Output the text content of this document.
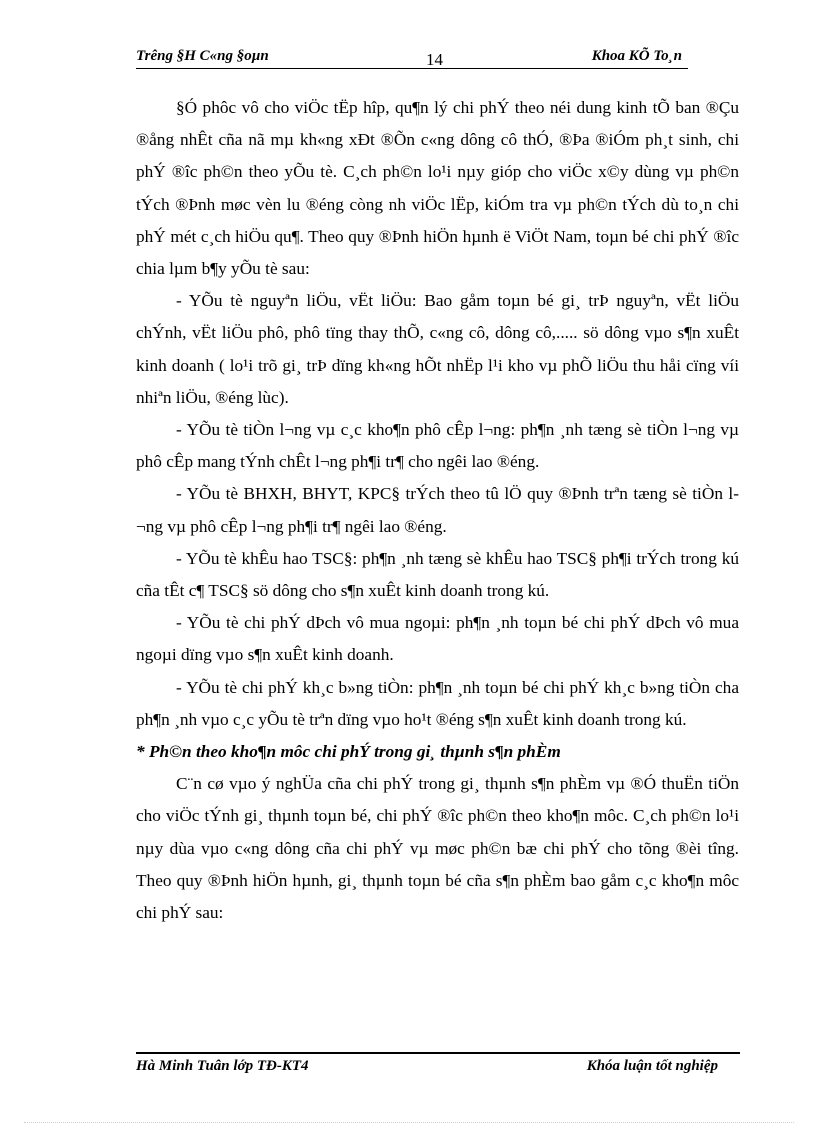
Trêng §H C«ng §oµn	14	Khoa KÕ To¸n

§Ó phôc vô cho viÖc tËp hîp, qu¶n lý chi phÝ theo néi dung kinh tÕ ban ®Çu ®ång nhÊt cña nã mµ kh«ng xÐt ®Õn c«ng dông cô thÓ, ®Þa ®iÓm ph¸t sinh, chi phÝ ®îc ph©n theo yÕu tè. C¸ch ph©n lo¹i nµy gióp cho viÖc x©y dùng vµ ph©n tÝch ®Þnh møc vèn lu ®éng còng nh viÖc lËp, kiÓm tra vµ ph©n tÝch dù to¸n chi phÝ mét c¸ch hiÖu qu¶. Theo quy ®Þnh hiÖn hµnh ë ViÖt Nam, toµn bé chi phÝ ®îc chia lµm b¶y yÕu tè sau:

- YÕu tè nguyªn liÖu, vËt liÖu: Bao gåm toµn bé gi¸ trÞ nguyªn, vËt liÖu chÝnh, vËt liÖu phô, phô tïng thay thÕ, c«ng cô, dông cô,..... sö dông vµo s¶n xuÊt kinh doanh ( lo¹i trõ gi¸ trÞ dïng kh«ng hÕt nhËp l¹i kho vµ phÕ liÖu thu håi cïng víi nhiªn liÖu, ®éng lùc).

- YÕu tè tiÒn l¬ng vµ c¸c kho¶n phô cÊp l¬ng: ph¶n ¸nh tæng sè tiÒn l¬ng vµ phô cÊp mang tÝnh chÊt l¬ng ph¶i tr¶ cho ngêi lao ®éng.

- YÕu tè BHXH, BHYT, KPC§ trÝch theo tû lÖ quy ®Þnh trªn tæng sè tiÒn l¬ng vµ phô cÊp l¬ng ph¶i tr¶ ngêi lao ®éng.

- YÕu tè khÊu hao TSC§: ph¶n ¸nh tæng sè khÊu hao TSC§ ph¶i trÝch trong kú cña tÊt c¶ TSC§ sö dông cho s¶n xuÊt kinh doanh trong kú.

- YÕu tè chi phÝ dÞch vô mua ngoµi: ph¶n ¸nh toµn bé chi phÝ dÞch vô mua ngoµi dïng vµo s¶n xuÊt kinh doanh.

- YÕu tè chi phÝ kh¸c b»ng tiÒn: ph¶n ¸nh toµn bé chi phÝ kh¸c b»ng tiÒn cha ph¶n ¸nh vµo c¸c yÕu tè trªn dïng vµo ho¹t ®éng s¶n xuÊt kinh doanh trong kú.

* Ph©n theo kho¶n môc chi phÝ trong gi¸ thµnh s¶n phÈm

C¨n cø vµo ý nghÜa cña chi phÝ trong gi¸ thµnh s¶n phÈm vµ ®Ó thuËn tiÖn cho viÖc tÝnh gi¸ thµnh toµn bé, chi phÝ ®îc ph©n theo kho¶n môc. C¸ch ph©n lo¹i nµy dùa vµo c«ng dông cña chi phÝ vµ møc ph©n bæ chi phÝ cho tõng ®èi tîng. Theo quy ®Þnh hiÖn hµnh, gi¸ thµnh toµn bé cña s¶n phÈm bao gåm c¸c kho¶n môc chi phÝ sau:

Hà Minh Tuân lớp TĐ-KT4	Khóa luận tốt nghiệp
